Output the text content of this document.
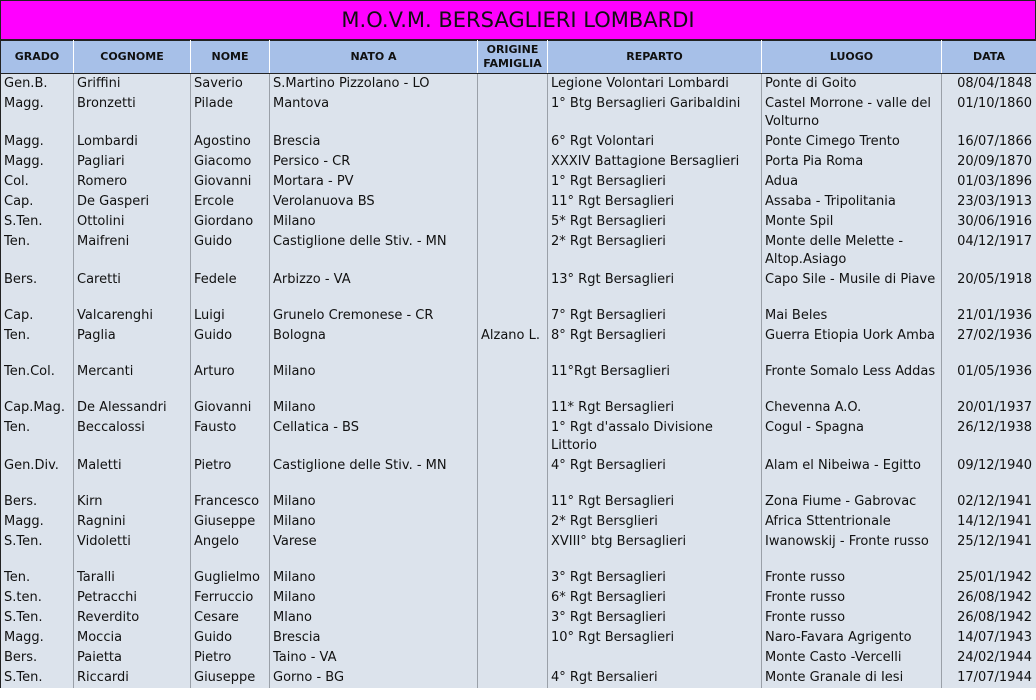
M.O.V.M. BERSAGLIERI LOMBARDI
GRADO	COGNOME	NOME	NATO A	ORIGINE FAMIGLIA	REPARTO	LUOGO	DATA
Gen.B.	Griffini	Saverio	S.Martino Pizzolano - LO		Legione Volontari Lombardi	Ponte di Goito	08/04/1848
Magg.	Bronzetti	Pilade	Mantova		1° Btg Bersaglieri Garibaldini	Castel Morrone - valle del Volturno	01/10/1860
Magg.	Lombardi	Agostino	Brescia		6° Rgt Volontari	Ponte Cimego Trento	16/07/1866
Magg.	Pagliari	Giacomo	Persico - CR		XXXIV Battagione Bersaglieri	Porta Pia Roma	20/09/1870
Col.	Romero	Giovanni	Mortara - PV		1° Rgt Bersaglieri	Adua	01/03/1896
Cap.	De Gasperi	Ercole	Verolanuova BS		11° Rgt Bersaglieri	Assaba - Tripolitania	23/03/1913
S.Ten.	Ottolini	Giordano	Milano		5* Rgt Bersaglieri	Monte Spil	30/06/1916
Ten.	Maifreni	Guido	Castiglione delle Stiv. - MN		2* Rgt Bersaglieri	Monte delle Melette - Altop.Asiago	04/12/1917
Bers.	Caretti	Fedele	Arbizzo - VA		13° Rgt Bersaglieri	Capo Sile - Musile di Piave	20/05/1918
Cap.	Valcarenghi	Luigi	Grunelo Cremonese - CR		7° Rgt Bersaglieri	Mai Beles	21/01/1936
Ten.	Paglia	Guido	Bologna	Alzano L.	8° Rgt Bersaglieri	Guerra Etiopia Uork Amba	27/02/1936
Ten.Col.	Mercanti	Arturo	Milano		11°Rgt Bersaglieri	Fronte Somalo Less Addas	01/05/1936
Cap.Mag.	De Alessandri	Giovanni	Milano		11* Rgt Bersaglieri	Chevenna A.O.	20/01/1937
Ten.	Beccalossi	Fausto	Cellatica - BS		1° Rgt d'assalo Divisione Littorio	Cogul - Spagna	26/12/1938
Gen.Div.	Maletti	Pietro	Castiglione delle Stiv. - MN		4° Rgt Bersaglieri	Alam el Nibeiwa - Egitto	09/12/1940
Bers.	Kirn	Francesco	Milano		11° Rgt Bersaglieri	Zona Fiume - Gabrovac	02/12/1941
Magg.	Ragnini	Giuseppe	Milano		2* Rgt Bersglieri	Africa Sttentrionale	14/12/1941
S.Ten.	Vidoletti	Angelo	Varese		XVIII° btg Bersaglieri	Iwanowskij - Fronte russo	25/12/1941
Ten.	Taralli	Guglielmo	Milano		3° Rgt Bersaglieri	Fronte russo	25/01/1942
S.ten.	Petracchi	Ferruccio	Milano		6* Rgt Bersaglieri	Fronte russo	26/08/1942
S.Ten.	Reverdito	Cesare	Mlano		3° Rgt Bersaglieri	Fronte russo	26/08/1942
Magg.	Moccia	Guido	Brescia		10° Rgt Bersaglieri	Naro-Favara Agrigento	14/07/1943
Bers.	Paietta	Pietro	Taino - VA			Monte Casto -Vercelli	24/02/1944
S.Ten.	Riccardi	Giuseppe	Gorno - BG		4° Rgt Bersalieri	Monte Granale di Iesi	17/07/1944
